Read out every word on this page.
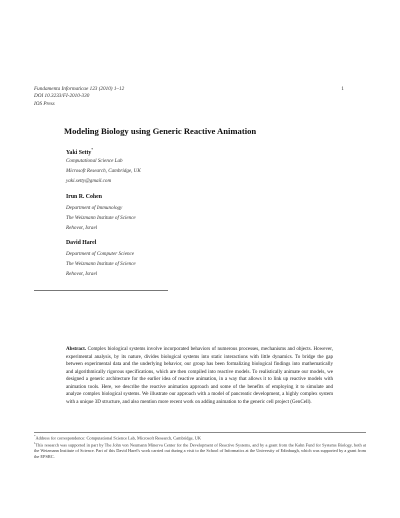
Fundamenta Informaticae 123 (2010) 1–12
DOI 10.3233/FI-2010-330
IOS Press
1
Modeling Biology using Generic Reactive Animation
Yaki Setty*
Computational Science Lab
Microsoft Research, Cambridge, UK
yaki.setty@gmail.com
Irun R. Cohen
Department of Immunology
The Weizmann Institute of Science
Rehovot, Israel
David Harel
Department of Computer Science
The Weizmann Institute of Science
Rehovot, Israel
Abstract. Complex biological systems involve incorporated behaviors of numerous processes, mechanisms and objects. However, experimental analysis, by its nature, divides biological systems into static interactions with little dynamics. To bridge the gap between experimental data and the underlying behavior, our group has been formalizing biological findings into mathematically and algorithmically rigorous specifications, which are then compiled into reactive models. To realistically animate our models, we designed a generic architecture for the earlier idea of reactive animation, in a way that allows it to link up reactive models with animation tools. Here, we describe the reactive animation approach and some of the benefits of employing it to simulate and analyze complex biological systems. We illustrate our approach with a model of pancreatic development, a highly complex system with a unique 3D structure, and also mention more recent work on adding animation to the generic cell project (GenCell).
*Address for correspondence: Computational Science Lab, Microsoft Research, Cambridge, UK
$^1$This research was supported in part by The John von Neumann Minerva Center for the Development of Reactive Systems, and by a grant from the Kahn Fund for Systems Biology, both at the Weizmann Institute of Science. Part of this David Harel's work carried out during a visit to the School of Informatics at the University of Edinburgh, which was supported by a grant from the EPSRC.
